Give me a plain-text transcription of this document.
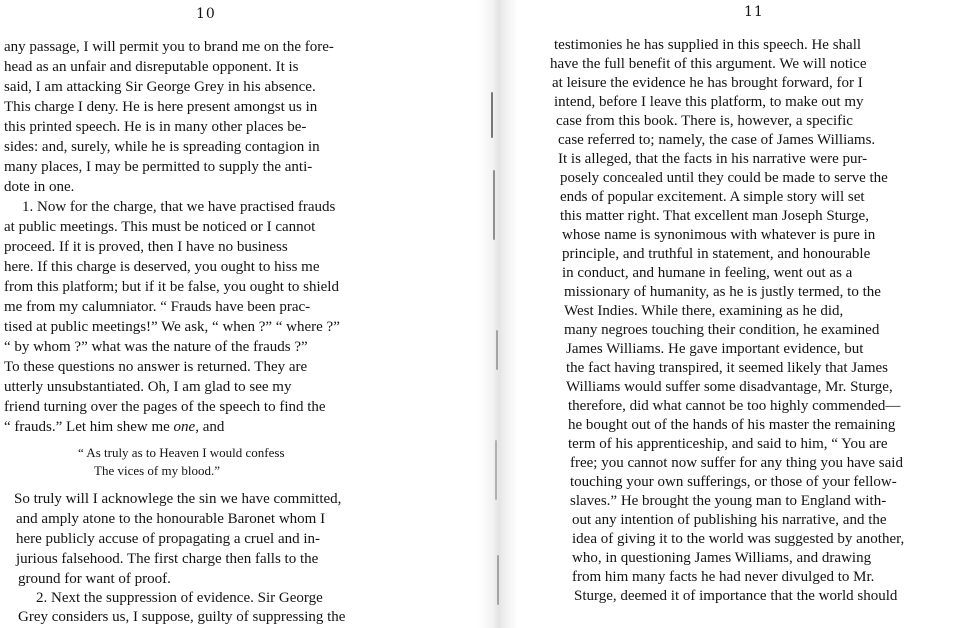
10
any passage, I will permit you to brand me on the fore-
head as an unfair and disreputable opponent. It is
said, I am attacking Sir George Grey in his absence.
This charge I deny. He is here present amongst us in
this printed speech. He is in many other places be-
sides: and, surely, while he is spreading contagion in
many places, I may be permitted to supply the anti-
dote in one.
1. Now for the charge, that we have practised frauds
at public meetings. This must be noticed or I cannot
proceed. If it is proved, then I have no business
here. If this charge is deserved, you ought to hiss me
from this platform; but if it be false, you ought to shield
me from my calumniator. “ Frauds have been prac-
tised at public meetings!” We ask, “ when ?” “ where ?”
“ by whom ?” what was the nature of the frauds ?”
To these questions no answer is returned. They are
utterly unsubstantiated. Oh, I am glad to see my
friend turning over the pages of the speech to find the
“ frauds.” Let him shew me one, and
“ As truly as to Heaven I would confess
The vices of my blood.”
So truly will I acknowlege the sin we have committed,
and amply atone to the honourable Baronet whom I
here publicly accuse of propagating a cruel and in-
jurious falsehood. The first charge then falls to the
ground for want of proof.
2. Next the suppression of evidence. Sir George
Grey considers us, I suppose, guilty of suppressing the
11
testimonies he has supplied in this speech. He shall
have the full benefit of this argument. We will notice
at leisure the evidence he has brought forward, for I
intend, before I leave this platform, to make out my
case from this book. There is, however, a specific
case referred to; namely, the case of James Williams.
It is alleged, that the facts in his narrative were pur-
posely concealed until they could be made to serve the
ends of popular excitement. A simple story will set
this matter right. That excellent man Joseph Sturge,
whose name is synonimous with whatever is pure in
principle, and truthful in statement, and honourable
in conduct, and humane in feeling, went out as a
missionary of humanity, as he is justly termed, to the
West Indies. While there, examining as he did,
many negroes touching their condition, he examined
James Williams. He gave important evidence, but
the fact having transpired, it seemed likely that James
Williams would suffer some disadvantage, Mr. Sturge,
therefore, did what cannot be too highly commended—
he bought out of the hands of his master the remaining
term of his apprenticeship, and said to him, “ You are
free; you cannot now suffer for any thing you have said
touching your own sufferings, or those of your fellow-
slaves.” He brought the young man to England with-
out any intention of publishing his narrative, and the
idea of giving it to the world was suggested by another,
who, in questioning James Williams, and drawing
from him many facts he had never divulged to Mr.
Sturge, deemed it of importance that the world should
